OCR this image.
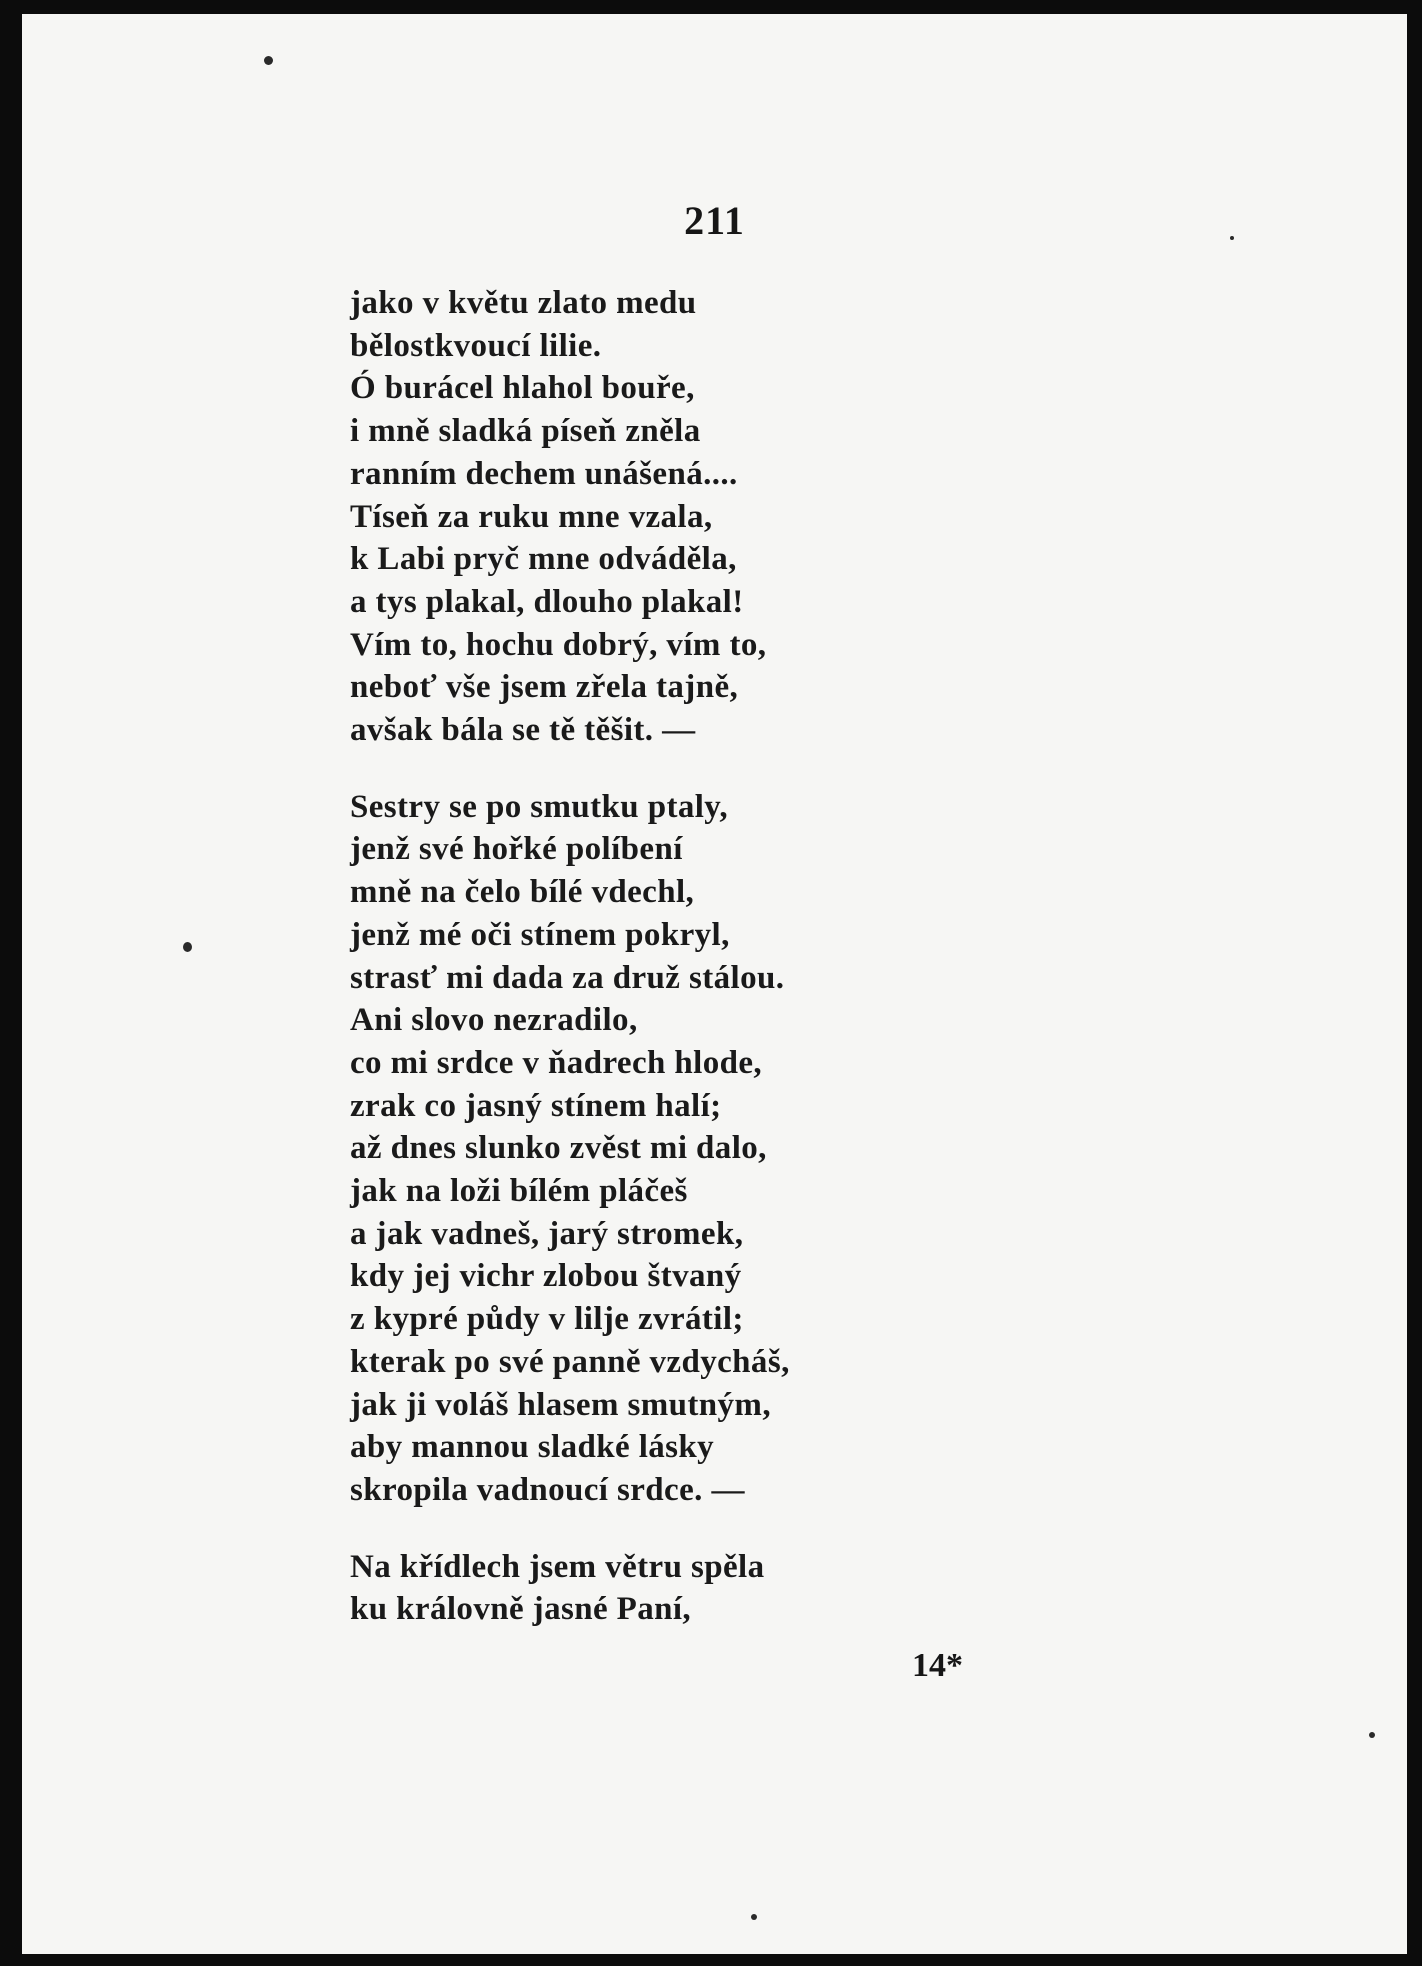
211

jako v květu zlato medu
bělostkvoucí lilie.
Ó burácel hlahol bouře,
i mně sladká píseň zněla
ranním dechem unášená....
Tíseň za ruku mne vzala,
k Labi pryč mne odváděla,
a tys plakal, dlouho plakal!
Vím to, hochu dobrý, vím to,
neboť vše jsem zřela tajně,
avšak bála se tě těšit. —

Sestry se po smutku ptaly,
jenž své hořké políbení
mně na čelo bílé vdechl,
jenž mé oči stínem pokryl,
strasť mi dada za druž stálou.
Ani slovo nezradilo,
co mi srdce v ňadrech hlode,
zrak co jasný stínem halí;
až dnes slunko zvěst mi dalo,
jak na loži bílém pláčeš
a jak vadneš, jarý stromek,
kdy jej vichr zlobou štvaný
z kypré půdy v lilje zvrátil;
kterak po své panně vzdycháš,
jak ji voláš hlasem smutným,
aby mannou sladké lásky
skropila vadnoucí srdce. —

Na křídlech jsem větru spěla
ku královně jasné Paní,

14*
